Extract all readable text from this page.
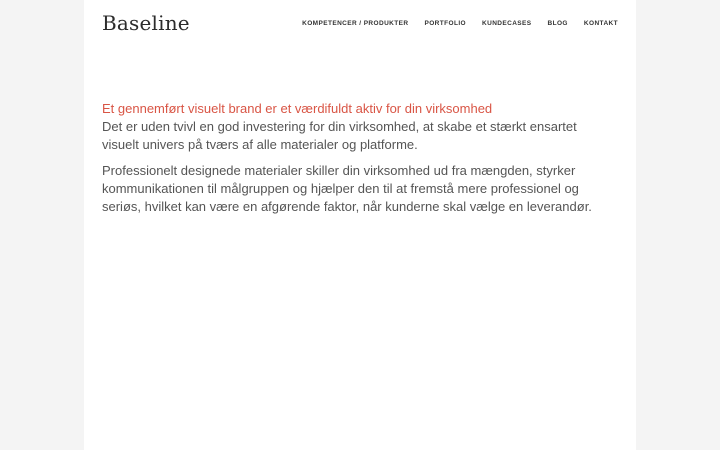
Baseline	KOMPETENCER / PRODUKTER PORTFOLIO KUNDECASES BLOG KONTAKT
Et gennemført visuelt brand er et værdifuldt aktiv for din virksomhed

Det er uden tvivl en god investering for din virksomhed, at skabe et stærkt ensartet visuelt univers på tværs af alle materialer og platforme.

Professionelt designede materialer skiller din virksomhed ud fra mængden, styrker kommunikationen til målgruppen og hjælper den til at fremstå mere professionel og seriøs, hvilket kan være en afgørende faktor, når kunderne skal vælge en leverandør.
